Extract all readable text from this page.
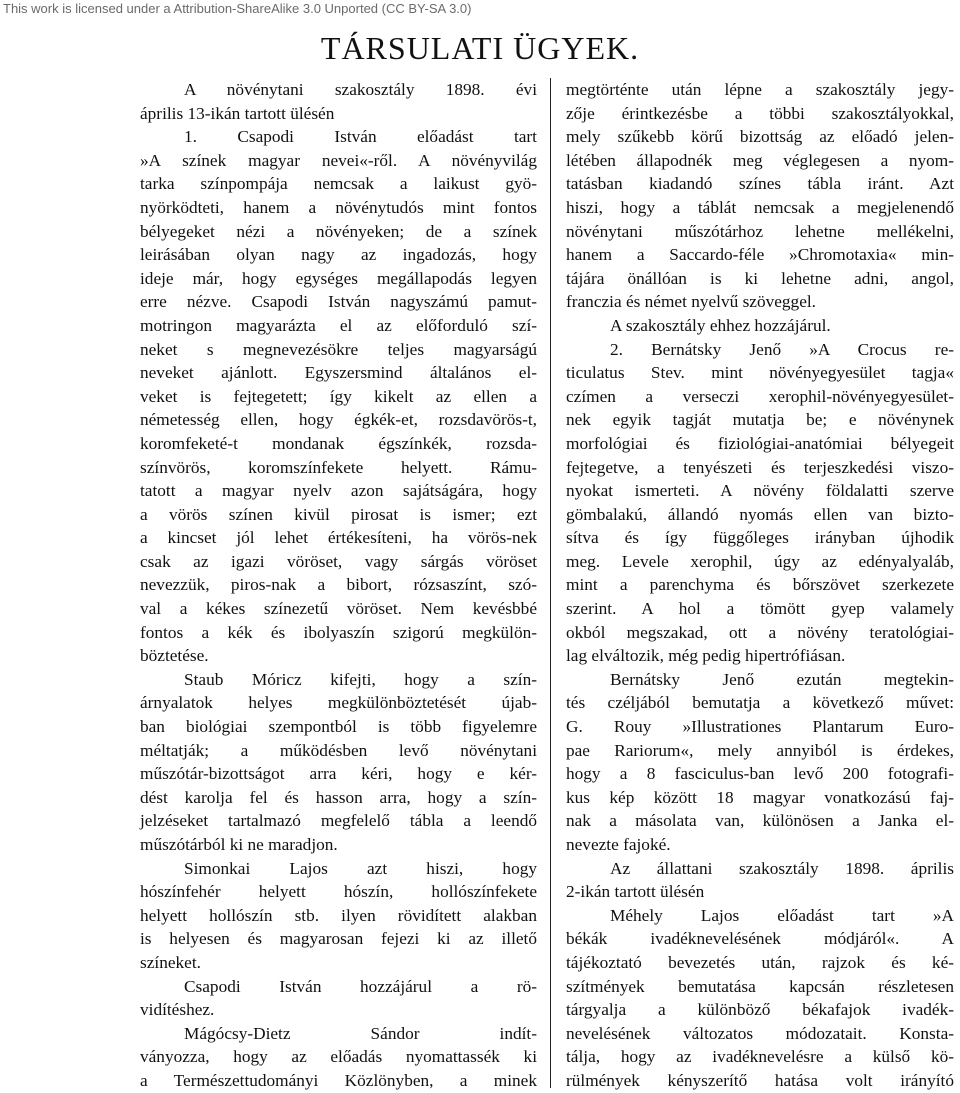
This work is licensed under a Attribution-ShareAlike 3.0 Unported (CC BY-SA 3.0)

TÁRSULATI ÜGYEK.
A növénytani szakosztály 1898. évi
április 13-ikán tartott ülésén
1. Csapodi István előadást tart
»A színek magyar nevei«-ről. A növényvilág
tarka színpompája nemcsak a laikust gyö-
nyörködteti, hanem a növénytudós mint fontos
bélyegeket nézi a növényeken; de a színek
leirásában olyan nagy az ingadozás, hogy
ideje már, hogy egységes megállapodás legyen
erre nézve. Csapodi István nagyszámú pamut-
motringon magyarázta el az előforduló szí-
neket s megnevezésökre teljes magyarságú
neveket ajánlott. Egyszersmind általános el-
veket is fejtegetett; így kikelt az ellen a
németesség ellen, hogy égkék-et, rozsdavörös-t,
koromfeketé-t mondanak égszínkék, rozsda-
színvörös, koromszínfekete helyett. Rámu-
tatott a magyar nyelv azon sajátságára, hogy
a vörös színen kivül pirosat is ismer; ezt
a kincset jól lehet értékesíteni, ha vörös-nek
csak az igazi vöröset, vagy sárgás vöröset
nevezzük, piros-nak a bibort, rózsaszínt, szó-
val a kékes színezetű vöröset. Nem kevésbbé
fontos a kék és ibolyaszín szigorú megkülön-
böztetése.
Staub Móricz kifejti, hogy a szín-
árnyalatok helyes megkülönböztetését újab-
ban biológiai szempontból is több figyelemre
méltatják; a működésben levő növénytani
műszótár-bizottságot arra kéri, hogy e kér-
dést karolja fel és hasson arra, hogy a szín-
jelzéseket tartalmazó megfelelő tábla a leendő
műszótárból ki ne maradjon.
Simonkai Lajos azt hiszi, hogy
hószínfehér helyett hószín, hollószínfekete
helyett hollószín stb. ilyen rövidített alakban
is helyesen és magyarosan fejezi ki az illető
színeket.
Csapodi István hozzájárul a rö-
vidítéshez.
Mágócsy-Dietz Sándor indít-
ványozza, hogy az előadás nyomattassék ki
a Természettudományi Közlönyben, a minek
megtörténte után lépne a szakosztály jegy-
zője érintkezésbe a többi szakosztályokkal,
mely szűkebb körű bizottság az előadó jelen-
létében állapodnék meg véglegesen a nyom-
tatásban kiadandó színes tábla iránt. Azt
hiszi, hogy a táblát nemcsak a megjelenendő
növénytani műszótárhoz lehetne mellékelni,
hanem a Saccardo-féle »Chromotaxia« min-
tájára önállóan is ki lehetne adni, angol,
franczia és német nyelvű szöveggel.
A szakosztály ehhez hozzájárul.
2. Bernátsky Jenő »A Crocus re-
ticulatus Stev. mint növényegyesület tagja«
czímen a verseczi xerophil-növényegyesület-
nek egyik tagját mutatja be; e növénynek
morfológiai és fiziológiai-anatómiai bélyegeit
fejtegetve, a tenyészeti és terjeszkedési viszo-
nyokat ismerteti. A növény földalatti szerve
gömbalakú, állandó nyomás ellen van bizto-
sítva és így függőleges irányban újhodik
meg. Levele xerophil, úgy az edényalyaláb,
mint a parenchyma és bőrszövet szerkezete
szerint. A hol a tömött gyep valamely
okból megszakad, ott a növény teratológiai-
lag elváltozik, még pedig hipertrófiásan.
Bernátsky Jenő ezután megtekin-
tés czéljából bemutatja a következő művet:
G. Rouy »Illustrationes Plantarum Euro-
pae Rariorum«, mely annyiból is érdekes,
hogy a 8 fasciculus-ban levő 200 fotografi-
kus kép között 18 magyar vonatkozású faj-
nak a másolata van, különösen a Janka el-
nevezte fajoké.
Az állattani szakosztály 1898. április
2-ikán tartott ülésén
Méhely Lajos előadást tart »A
békák ivadéknevelésének módjáról«. A
tájékoztató bevezetés után, rajzok és ké-
szítmények bemutatása kapcsán részletesen
tárgyalja a különböző békafajok ivadék-
nevelésének változatos módozatait. Konsta-
tálja, hogy az ivadéknevelésre a külső kö-
rülmények kényszerítő hatása volt irányító
